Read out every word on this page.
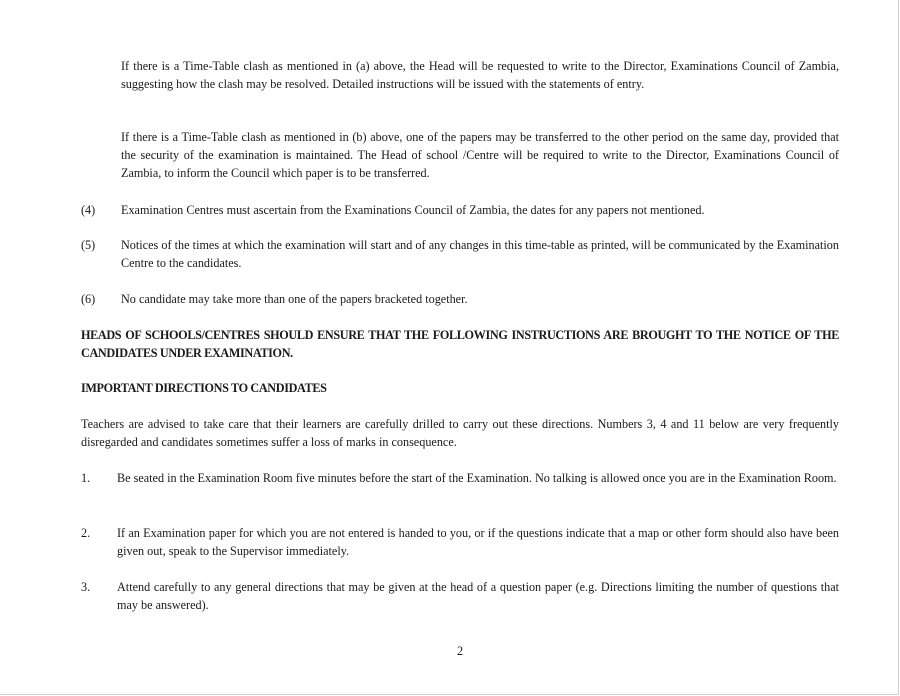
If there is a Time-Table clash as mentioned in (a) above, the Head will be requested to write to the Director, Examinations Council of Zambia, suggesting how the clash may be resolved. Detailed instructions will be issued with the statements of entry.

If there is a Time-Table clash as mentioned in (b) above, one of the papers may be transferred to the other period on the same day, provided that the security of the examination is maintained. The Head of school /Centre will be required to write to the Director, Examinations Council of Zambia, to inform the Council which paper is to be transferred.

(4) Examination Centres must ascertain from the Examinations Council of Zambia, the dates for any papers not mentioned.

(5) Notices of the times at which the examination will start and of any changes in this time-table as printed, will be communicated by the Examination Centre to the candidates.

(6) No candidate may take more than one of the papers bracketed together.

HEADS OF SCHOOLS/CENTRES SHOULD ENSURE THAT THE FOLLOWING INSTRUCTIONS ARE BROUGHT TO THE NOTICE OF THE CANDIDATES UNDER EXAMINATION.

IMPORTANT DIRECTIONS TO CANDIDATES

Teachers are advised to take care that their learners are carefully drilled to carry out these directions. Numbers 3, 4 and 11 below are very frequently disregarded and candidates sometimes suffer a loss of marks in consequence.

1. Be seated in the Examination Room five minutes before the start of the Examination. No talking is allowed once you are in the Examination Room.

2. If an Examination paper for which you are not entered is handed to you, or if the questions indicate that a map or other form should also have been given out, speak to the Supervisor immediately.

3. Attend carefully to any general directions that may be given at the head of a question paper (e.g. Directions limiting the number of questions that may be answered).

2
